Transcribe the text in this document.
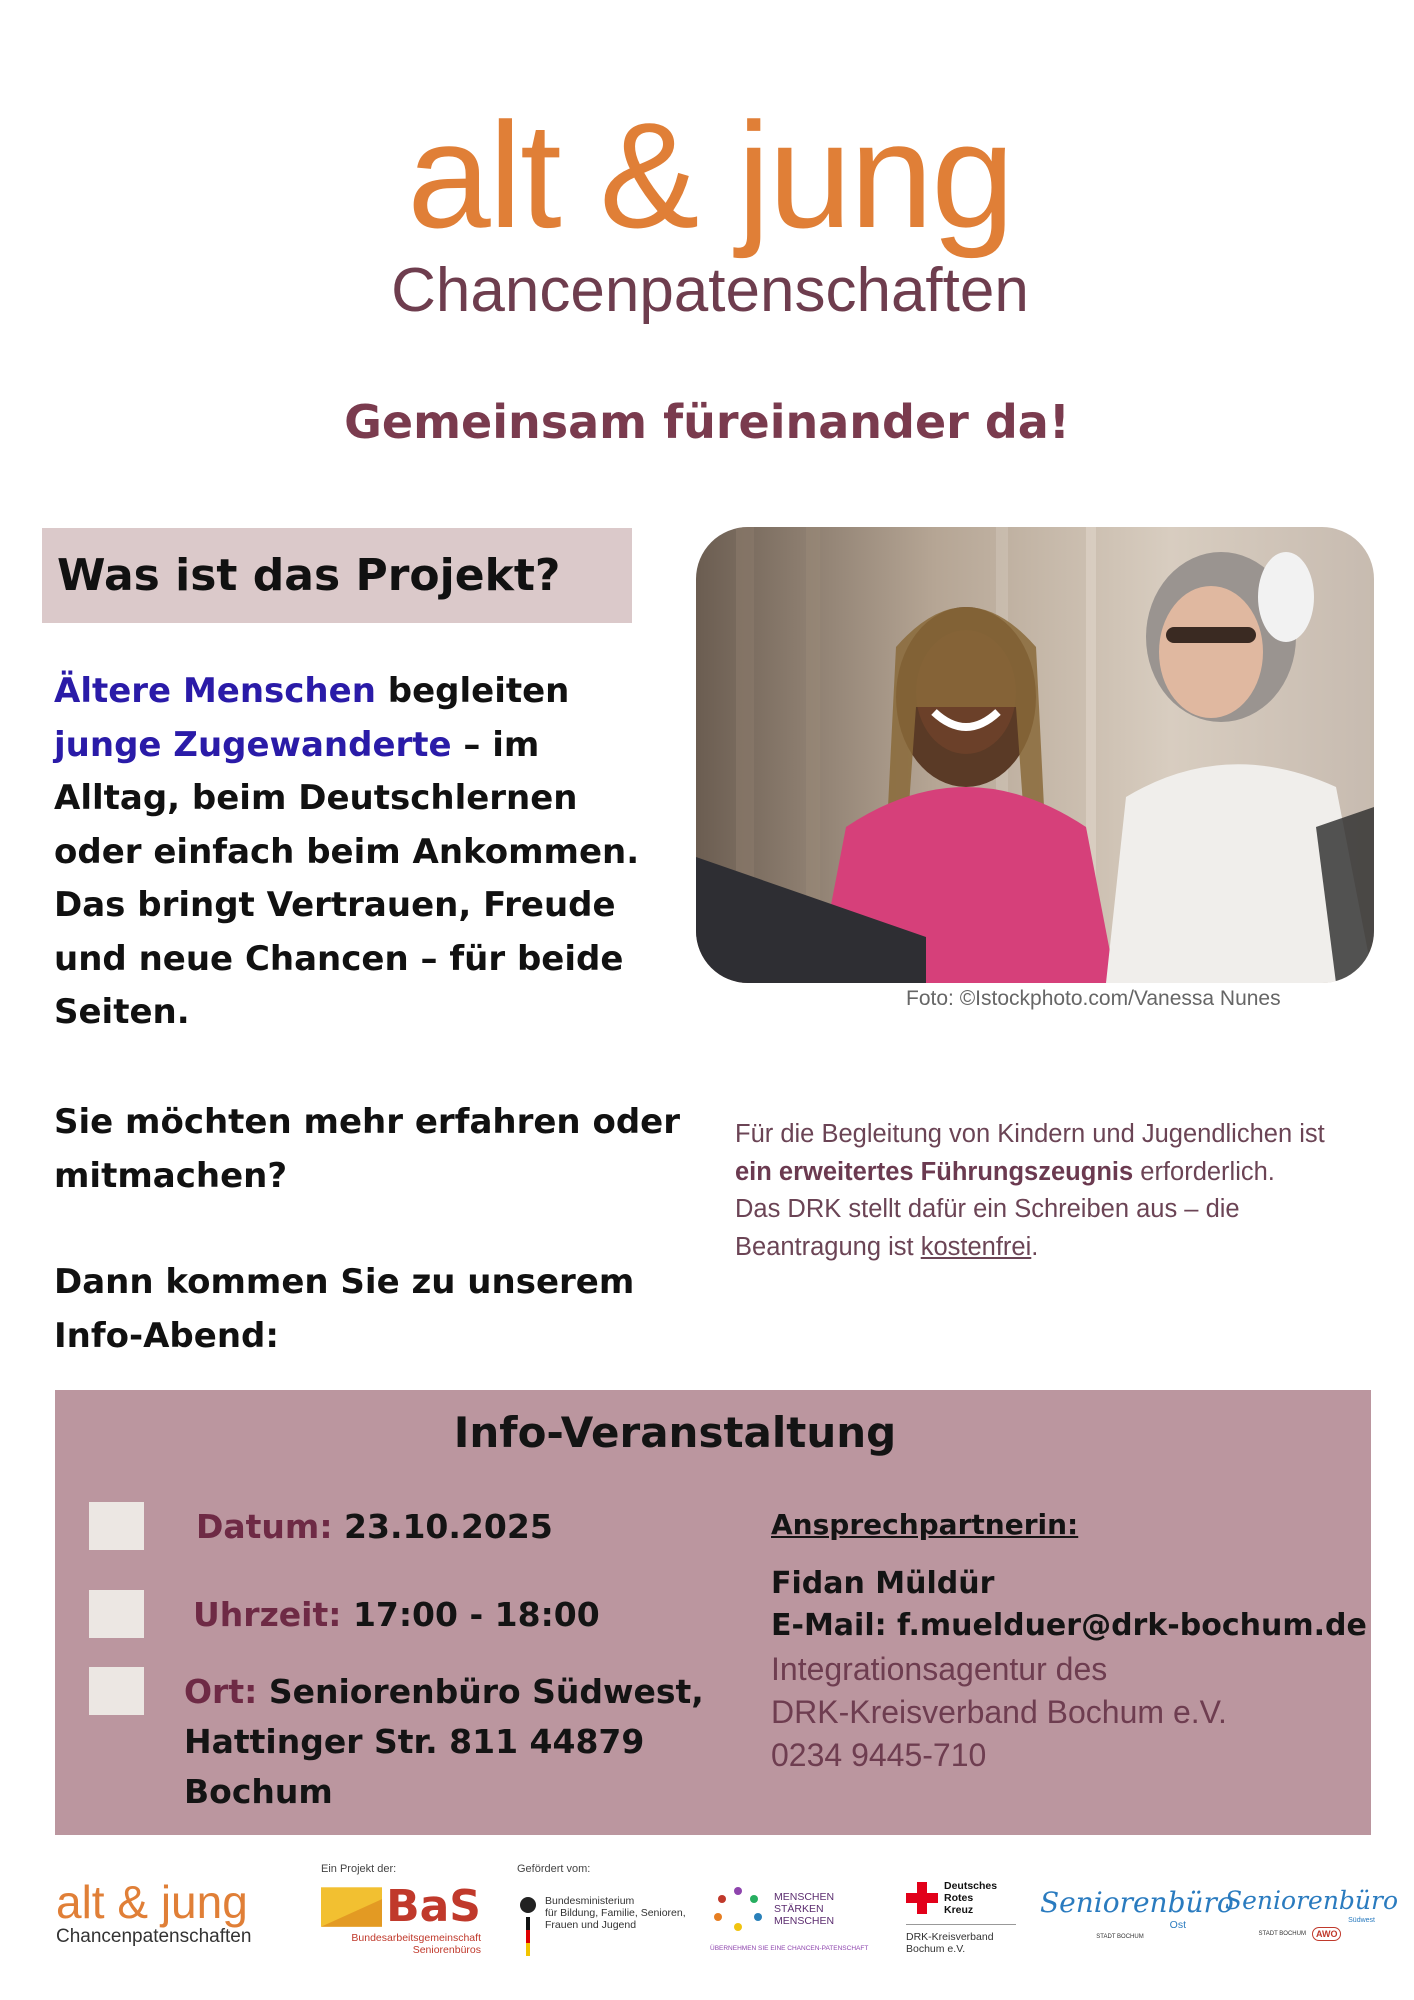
alt & jung
Chancenpatenschaften
Gemeinsam füreinander da!
Was ist das Projekt?
Ältere Menschen begleiten junge Zugewanderte – im Alltag, beim Deutschlernen oder einfach beim Ankommen. Das bringt Vertrauen, Freude und neue Chancen – für beide Seiten.	Foto: ©Istockphoto.com/Vanessa Nunes
Sie möchten mehr erfahren oder mitmachen?
Dann kommen Sie zu unserem Info-Abend:
Für die Begleitung von Kindern und Jugendlichen ist ein erweitertes Führungszeugnis erforderlich.
Das DRK stellt dafür ein Schreiben aus – die Beantragung ist kostenfrei.
Info-Veranstaltung
Datum: 23.10.2025
Uhrzeit: 17:00 - 18:00
Ort: Seniorenbüro Südwest,
Hattinger Str. 811 44879
Bochum
Ansprechpartnerin:
Fidan Müldür
E-Mail: f.muelduer@drk-bochum.de
Integrationsagentur des
DRK-Kreisverband Bochum e.V.
0234 9445-710
alt & jung
Chancenpatenschaften
Ein Projekt der:
BaS
Bundesarbeitsgemeinschaft
Seniorenbüros
Gefördert vom:
Bundesministerium
für Bildung, Familie, Senioren,
Frauen und Jugend
MENSCHEN
STÄRKEN
MENSCHEN
ÜBERNEHMEN SIE EINE CHANCEN-PATENSCHAFT
Deutsches
Rotes
Kreuz
DRK-Kreisverband
Bochum e.V.
Seniorenbüro
Ost
STADT BOCHUM
Seniorenbüro
Südwest
STADT BOCHUM	AWO
